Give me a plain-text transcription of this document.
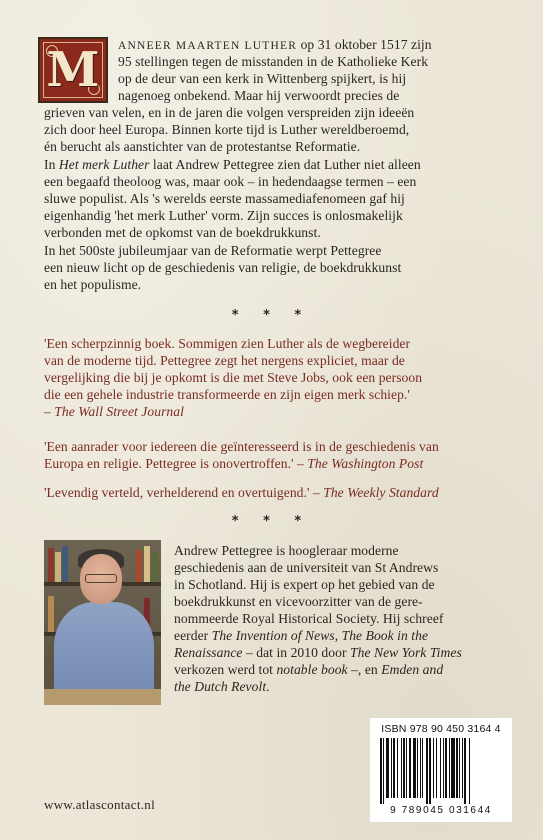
M ANNEER MAARTEN LUTHER op 31 oktober 1517 zijn
95 stellingen tegen de misstanden in de Katholieke Kerk
op de deur van een kerk in Wittenberg spijkert, is hij
nagenoeg onbekend. Maar hij verwoordt precies de
grieven van velen, en in de jaren die volgen verspreiden zijn ideeën
zich door heel Europa. Binnen korte tijd is Luther wereldberoemd,
én berucht als aanstichter van de protestantse Reformatie.
In Het merk Luther laat Andrew Pettegree zien dat Luther niet alleen
een begaafd theoloog was, maar ook – in hedendaagse termen – een
sluwe populist. Als 's werelds eerste massamediafenomeen gaf hij
eigenhandig 'het merk Luther' vorm. Zijn succes is onlosmakelijk
verbonden met de opkomst van de boekdrukkunst.
In het 500ste jubileumjaar van de Reformatie werpt Pettegree
een nieuw licht op de geschiedenis van religie, de boekdrukkunst
en het populisme.
* * *
'Een scherpzinnig boek. Sommigen zien Luther als de wegbereider
van de moderne tijd. Pettegree zegt het nergens expliciet, maar de
vergelijking die bij je opkomt is die met Steve Jobs, ook een persoon
die een gehele industrie transformeerde en zijn eigen merk schiep.'
– The Wall Street Journal
'Een aanrader voor iedereen die geïnteresseerd is in de geschiedenis van
Europa en religie. Pettegree is onovertroffen.' – The Washington Post
'Levendig verteld, verhelderend en overtuigend.' – The Weekly Standard
* * *
Andrew Pettegree is hoogleraar moderne
geschiedenis aan de universiteit van St Andrews
in Schotland. Hij is expert op het gebied van de
boekdrukkunst en vicevoorzitter van de gere-
nommeerde Royal Historical Society. Hij schreef
eerder The Invention of News, The Book in the
Renaissance – dat in 2010 door The New York Times
verkozen werd tot notable book –, en Emden and
the Dutch Revolt.
ISBN 978 90 450 3164 4
9 789045 031644
www.atlascontact.nl
